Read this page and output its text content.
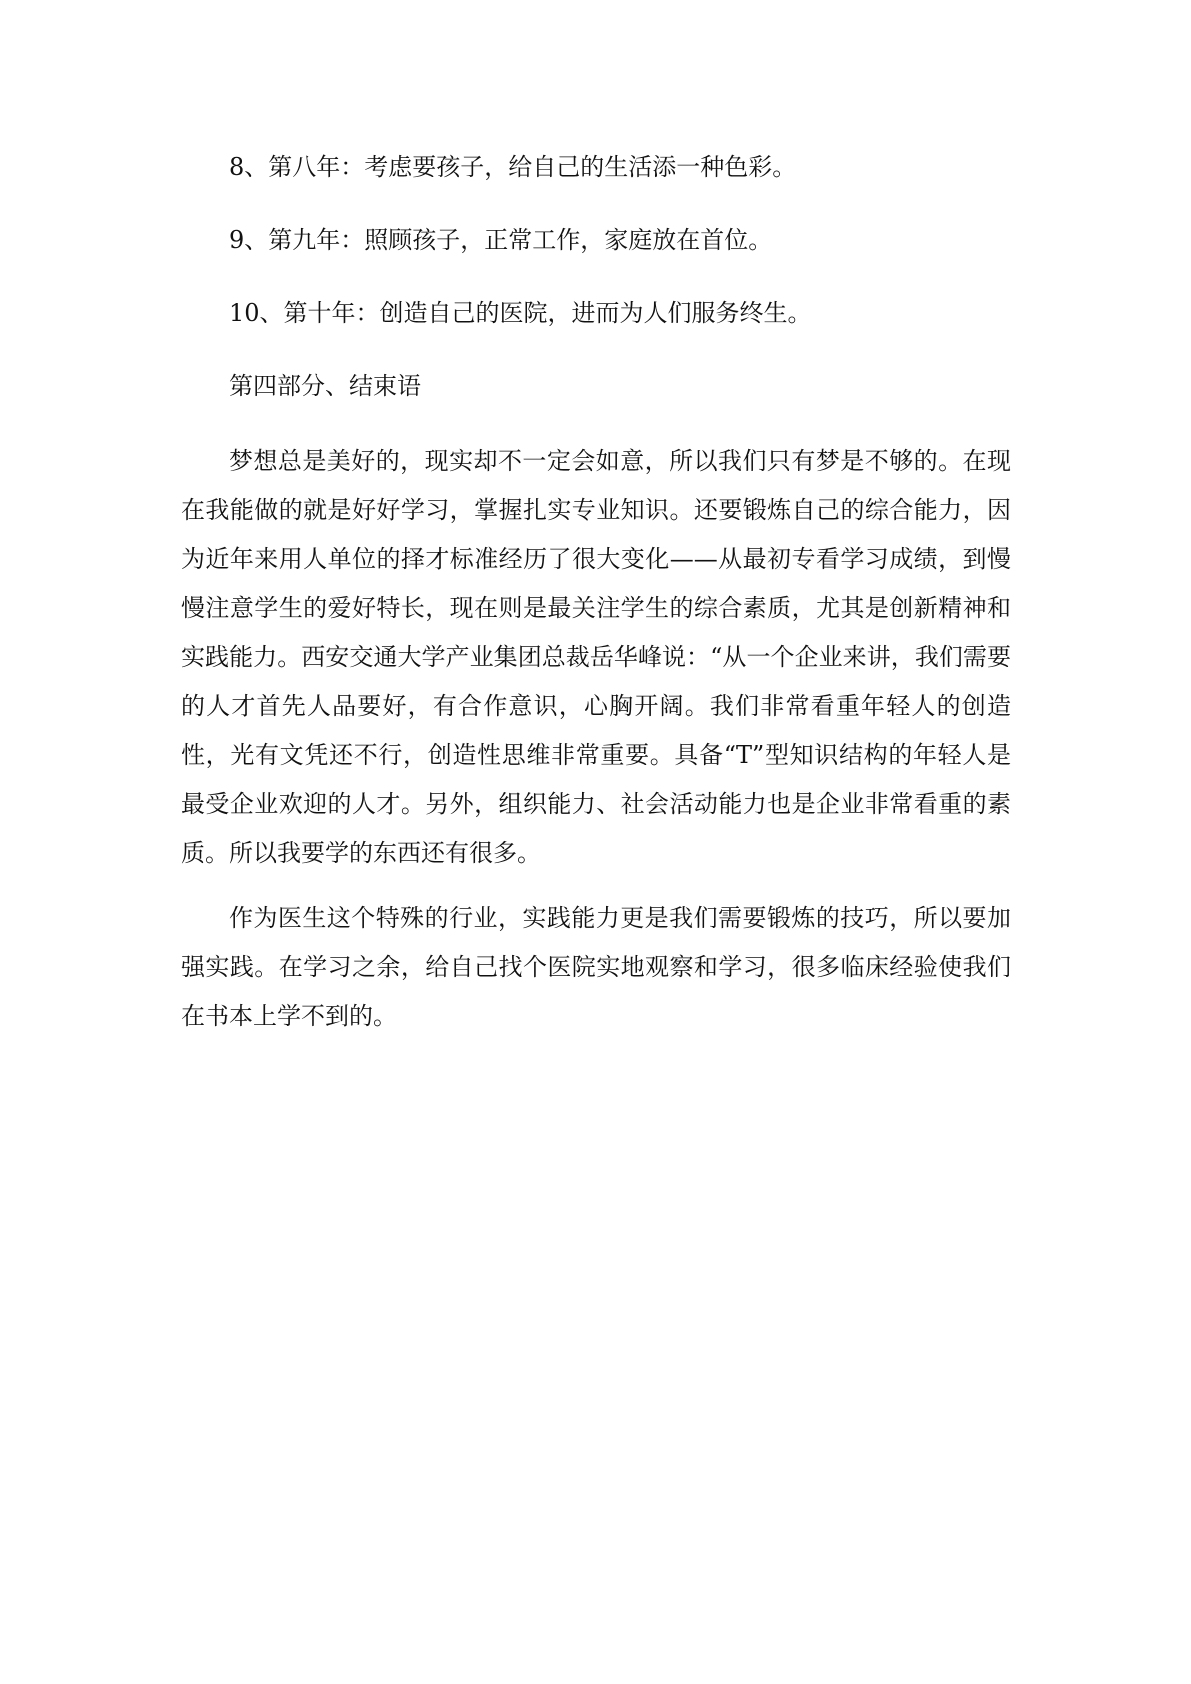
8、第八年：考虑要孩子，给自己的生活添一种色彩。
9、第九年：照顾孩子，正常工作，家庭放在首位。
10、第十年：创造自己的医院，进而为人们服务终生。
第四部分、结束语

梦想总是美好的，现实却不一定会如意，所以我们只有梦是不够的。在现在我能做的就是好好学习，掌握扎实专业知识。还要锻炼自己的综合能力，因为近年来用人单位的择才标准经历了很大变化——从最初专看学习成绩，到慢慢注意学生的爱好特长，现在则是最关注学生的综合素质，尤其是创新精神和实践能力。西安交通大学产业集团总裁岳华峰说：“从一个企业来讲，我们需要的人才首先人品要好，有合作意识，心胸开阔。我们非常看重年轻人的创造性，光有文凭还不行，创造性思维非常重要。具备“T”型知识结构的年轻人是最受企业欢迎的人才。另外，组织能力、社会活动能力也是企业非常看重的素质。所以我要学的东西还有很多。

作为医生这个特殊的行业，实践能力更是我们需要锻炼的技巧，所以要加强实践。在学习之余，给自己找个医院实地观察和学习，很多临床经验使我们在书本上学不到的。
